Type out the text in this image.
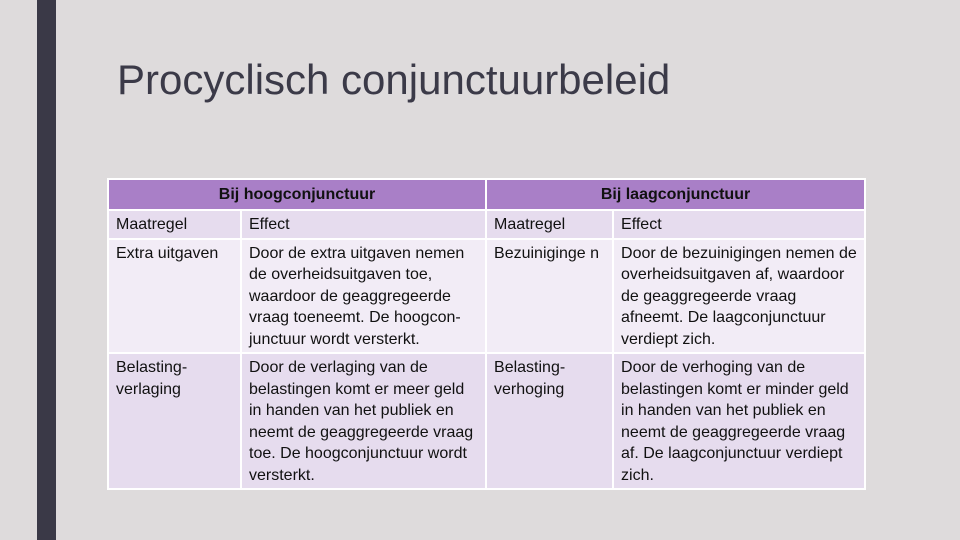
Procyclisch conjunctuurbeleid
Bij hoogconjunctuur		Bij laagconjunctuur	
Maatregel	Effect	Maatregel	Effect
Extra uitgaven	Door de extra uitgaven nemen de overheidsuitgaven toe, waardoor de geaggregeerde vraag toeneemt. De hoogcon-junctuur wordt versterkt.	Bezuiniginge n	Door de bezuinigingen nemen de overheidsuitgaven af, waardoor de geaggregeerde vraag afneemt. De laagconjunctuur verdiept zich.
Belasting-verlaging	Door de verlaging van de belastingen komt er meer geld in handen van het publiek en neemt de geaggregeerde vraag toe. De hoogconjunctuur wordt versterkt.	Belasting-verhoging	Door de verhoging van de belastingen komt er minder geld in handen van het publiek en neemt de geaggregeerde vraag af. De laagconjunctuur verdiept zich.
